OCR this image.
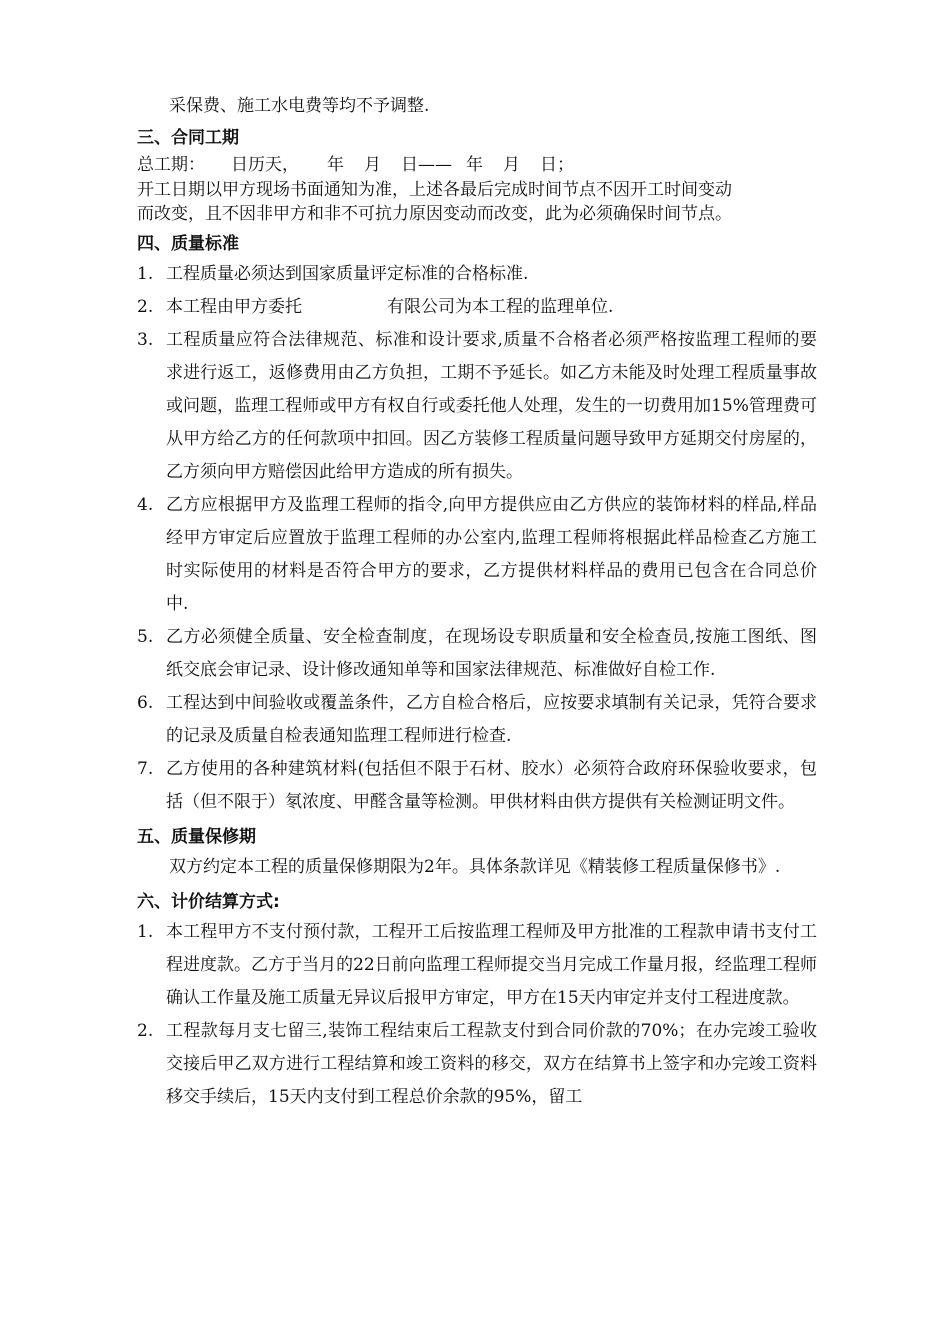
采保费、施工水电费等均不予调整.
三、合同工期
总工期： 日历天， 年 月 日—— 年 月 日；
开工日期以甲方现场书面通知为准，上述各最后完成时间节点不因开工时间变动
而改变，且不因非甲方和非不可抗力原因变动而改变，此为必须确保时间节点。
四、质量标准
1. 工程质量必须达到国家质量评定标准的合格标准.
2. 本工程由甲方委托　　　　　有限公司为本工程的监理单位.
3. 工程质量应符合法律规范、标准和设计要求,质量不合格者必须严格按监理工程师的要求进行返工，返修费用由乙方负担，工期不予延长。如乙方未能及时处理工程质量事故或问题，监理工程师或甲方有权自行或委托他人处理，发生的一切费用加15%管理费可从甲方给乙方的任何款项中扣回。因乙方装修工程质量问题导致甲方延期交付房屋的，乙方须向甲方赔偿因此给甲方造成的所有损失。
4. 乙方应根据甲方及监理工程师的指令,向甲方提供应由乙方供应的装饰材料的样品,样品经甲方审定后应置放于监理工程师的办公室内,监理工程师将根据此样品检查乙方施工时实际使用的材料是否符合甲方的要求，乙方提供材料样品的费用已包含在合同总价中.
5. 乙方必须健全质量、安全检查制度，在现场设专职质量和安全检查员,按施工图纸、图纸交底会审记录、设计修改通知单等和国家法律规范、标准做好自检工作.
6. 工程达到中间验收或覆盖条件，乙方自检合格后，应按要求填制有关记录，凭符合要求的记录及质量自检表通知监理工程师进行检查.
7. 乙方使用的各种建筑材料(包括但不限于石材、胶水）必须符合政府环保验收要求，包括（但不限于）氡浓度、甲醛含量等检测。甲供材料由供方提供有关检测证明文件。
五、质量保修期
双方约定本工程的质量保修期限为2年。具体条款详见《精装修工程质量保修书》.
六、计价结算方式:
1. 本工程甲方不支付预付款，工程开工后按监理工程师及甲方批准的工程款申请书支付工程进度款。乙方于当月的22日前向监理工程师提交当月完成工作量月报，经监理工程师确认工作量及施工质量无异议后报甲方审定，甲方在15天内审定并支付工程进度款。
2. 工程款每月支七留三,装饰工程结束后工程款支付到合同价款的70%；在办完竣工验收交接后甲乙双方进行工程结算和竣工资料的移交，双方在结算书上签字和办完竣工资料移交手续后，15天内支付到工程总价余款的95%，留工
